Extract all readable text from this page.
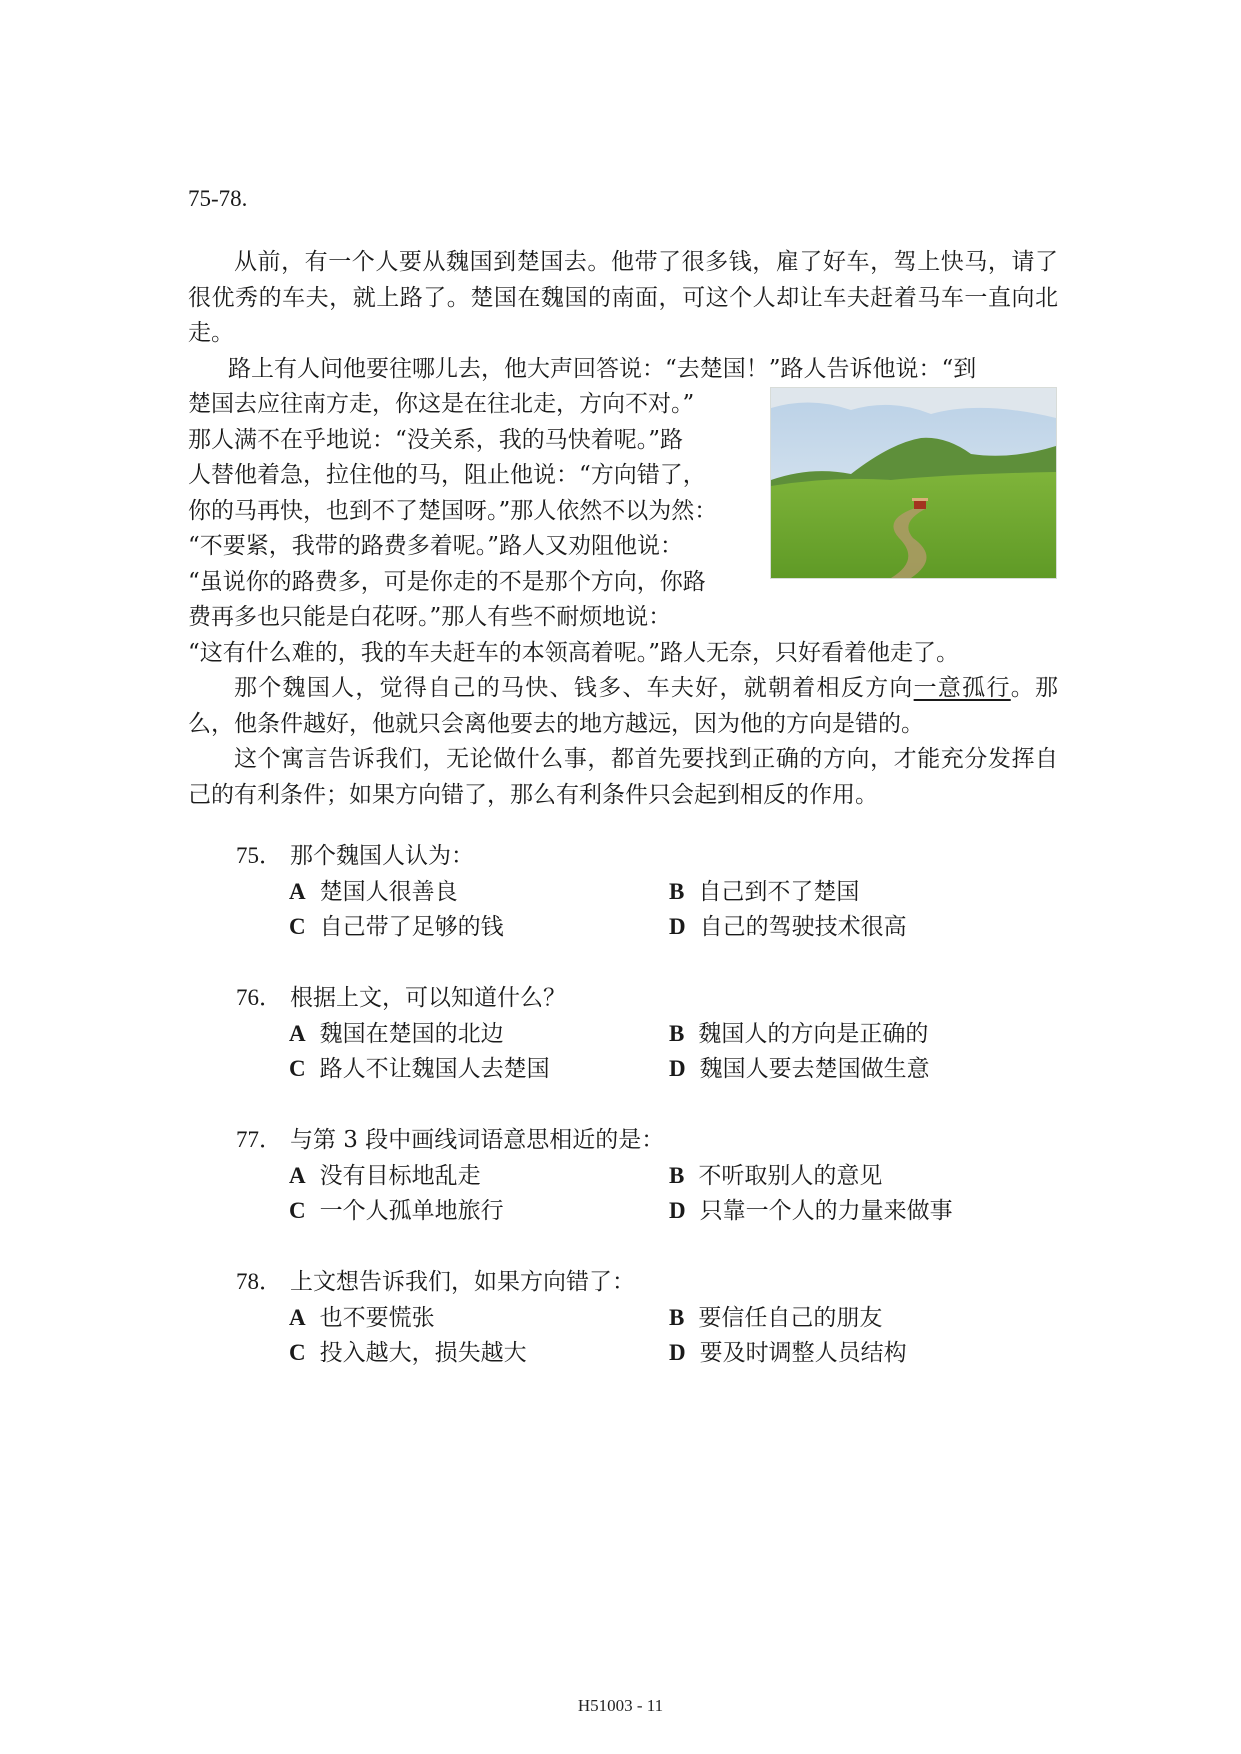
75-78.

从前，有一个人要从魏国到楚国去。他带了很多钱，雇了好车，驾上快马，请了很优秀的车夫，就上路了。楚国在魏国的南面，可这个人却让车夫赶着马车一直向北走。

路上有人问他要往哪儿去，他大声回答说：“去楚国！”路人告诉他说：“到

楚国去应往南方走，你这是在往北走，方向不对。”
那人满不在乎地说：“没关系，我的马快着呢。”路
人替他着急，拉住他的马，阻止他说：“方向错了，
你的马再快，也到不了楚国呀。”那人依然不以为然：
“不要紧，我带的路费多着呢。”路人又劝阻他说：
“虽说你的路费多，可是你走的不是那个方向，你路
费再多也只能是白花呀。”那人有些不耐烦地说：

“这有什么难的，我的车夫赶车的本领高着呢。”路人无奈，只好看着他走了。

那个魏国人，觉得自己的马快、钱多、车夫好，就朝着相反方向一意孤行。那么，他条件越好，他就只会离他要去的地方越远，因为他的方向是错的。

这个寓言告诉我们，无论做什么事，都首先要找到正确的方向，才能充分发挥自己的有利条件；如果方向错了，那么有利条件只会起到相反的作用。

75． 那个魏国人认为：
A 楚国人很善良	B 自己到不了楚国
C 自己带了足够的钱	D 自己的驾驶技术很高
76． 根据上文，可以知道什么？
A 魏国在楚国的北边	B 魏国人的方向是正确的
C 路人不让魏国人去楚国	D 魏国人要去楚国做生意
77． 与第 3 段中画线词语意思相近的是：
A 没有目标地乱走	B 不听取别人的意见
C 一个人孤单地旅行	D 只靠一个人的力量来做事
78． 上文想告诉我们，如果方向错了：
A 也不要慌张	B 要信任自己的朋友
C 投入越大，损失越大	D 要及时调整人员结构
H51003 - 11
